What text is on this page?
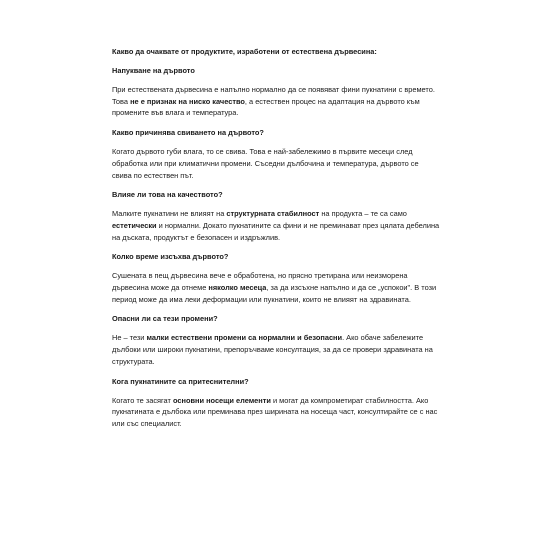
Какво да очаквате от продуктите, изработени от естествена дървесина:

Напукване на дървото

При естествената дървесина е напълно нормално да се появяват фини пукнатини с времето. Това не е признак на ниско качество, а естествен процес на адаптация на дървото към промените във влага и температура.

Какво причинява свиването на дървото?

Когато дървото губи влага, то се свива. Това е най-забележимо в първите месеци след обработка или при климатични промени. Съседни дълбочина и температура, дървото се свива по естествен път.

Влияе ли това на качеството?

Малките пукнатини не влияят на структурната стабилност на продукта – те са само естетически и нормални. Докато пукнатините са фини и не преминават през цялата дебелина на дъската, продуктът е безопасен и издръжлив.

Колко време изсъхва дървото?

Сушената в пещ дървесина вече е обработена, но прясно третирана или неизморена дървесина може да отнеме няколко месеца, за да изсъхне напълно и да се „успокои". В този период може да има леки деформации или пукнатини, които не влияят на здравината.

Опасни ли са тези промени?

Не – тези малки естествени промени са нормални и безопасни. Ако обаче забележите дълбоки или широки пукнатини, препоръчваме консултация, за да се провери здравината на структурата.

Кога пукнатините са притеснителни?

Когато те засягат основни носещи елементи и могат да компрометират стабилността. Ако пукнатината е дълбока или преминава през ширината на носеща част, консултирайте се с нас или със специалист.
